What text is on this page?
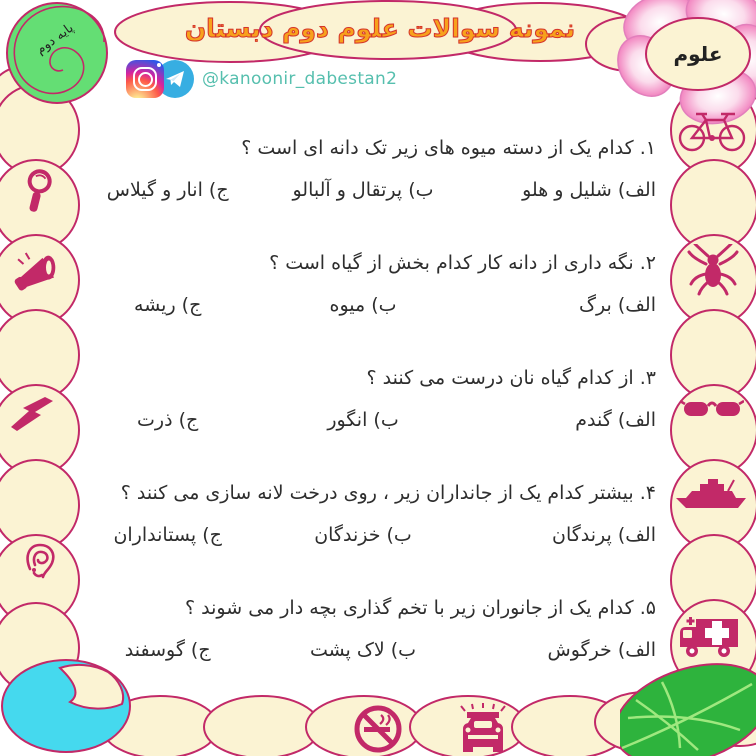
پایه دوم	علوم
نمونه سوالات علوم دوم دبستان
@kanoonir_dabestan2
۱. کدام یک از دسته میوه های زیر تک دانه ای است ؟
الف) شلیل و هلو
ب) پرتقال و آلبالو
ج) انار و گیلاس
۲. نگه داری از دانه کار کدام بخش از گیاه است ؟
الف) برگ
ب) میوه
ج) ریشه
۳. از کدام گیاه نان درست می کنند ؟
الف) گندم
ب) انگور
ج) ذرت
۴. بیشتر کدام یک از جانداران زیر ، روی درخت لانه سازی می کنند ؟
الف) پرندگان
ب) خزندگان
ج) پستانداران
۵. کدام یک از جانوران زیر با تخم گذاری بچه دار می شوند ؟
الف) خرگوش
ب) لاک پشت
ج) گوسفند
